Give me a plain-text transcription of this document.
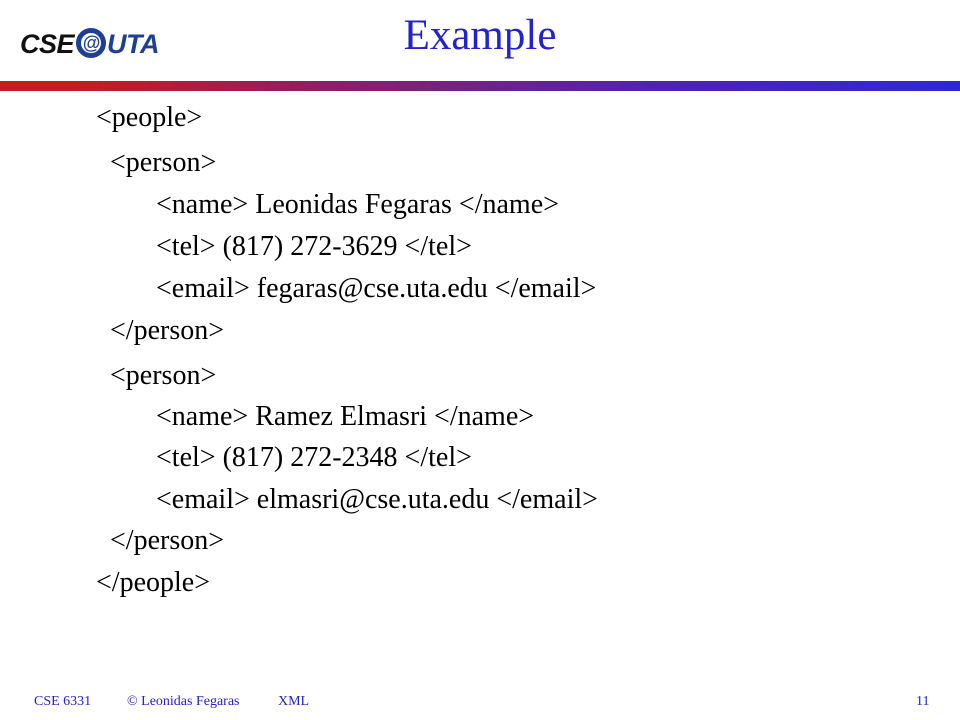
CSE @ UTA	Example
<people>
<person>
<name> Leonidas Fegaras </name>
<tel> (817) 272-3629 </tel>
<email> fegaras@cse.uta.edu </email>
</person>
<person>
<name> Ramez Elmasri </name>
<tel> (817) 272-2348 </tel>
<email> elmasri@cse.uta.edu </email>
</person>
</people>
CSE 6331	© Leonidas Fegaras	XML	11
